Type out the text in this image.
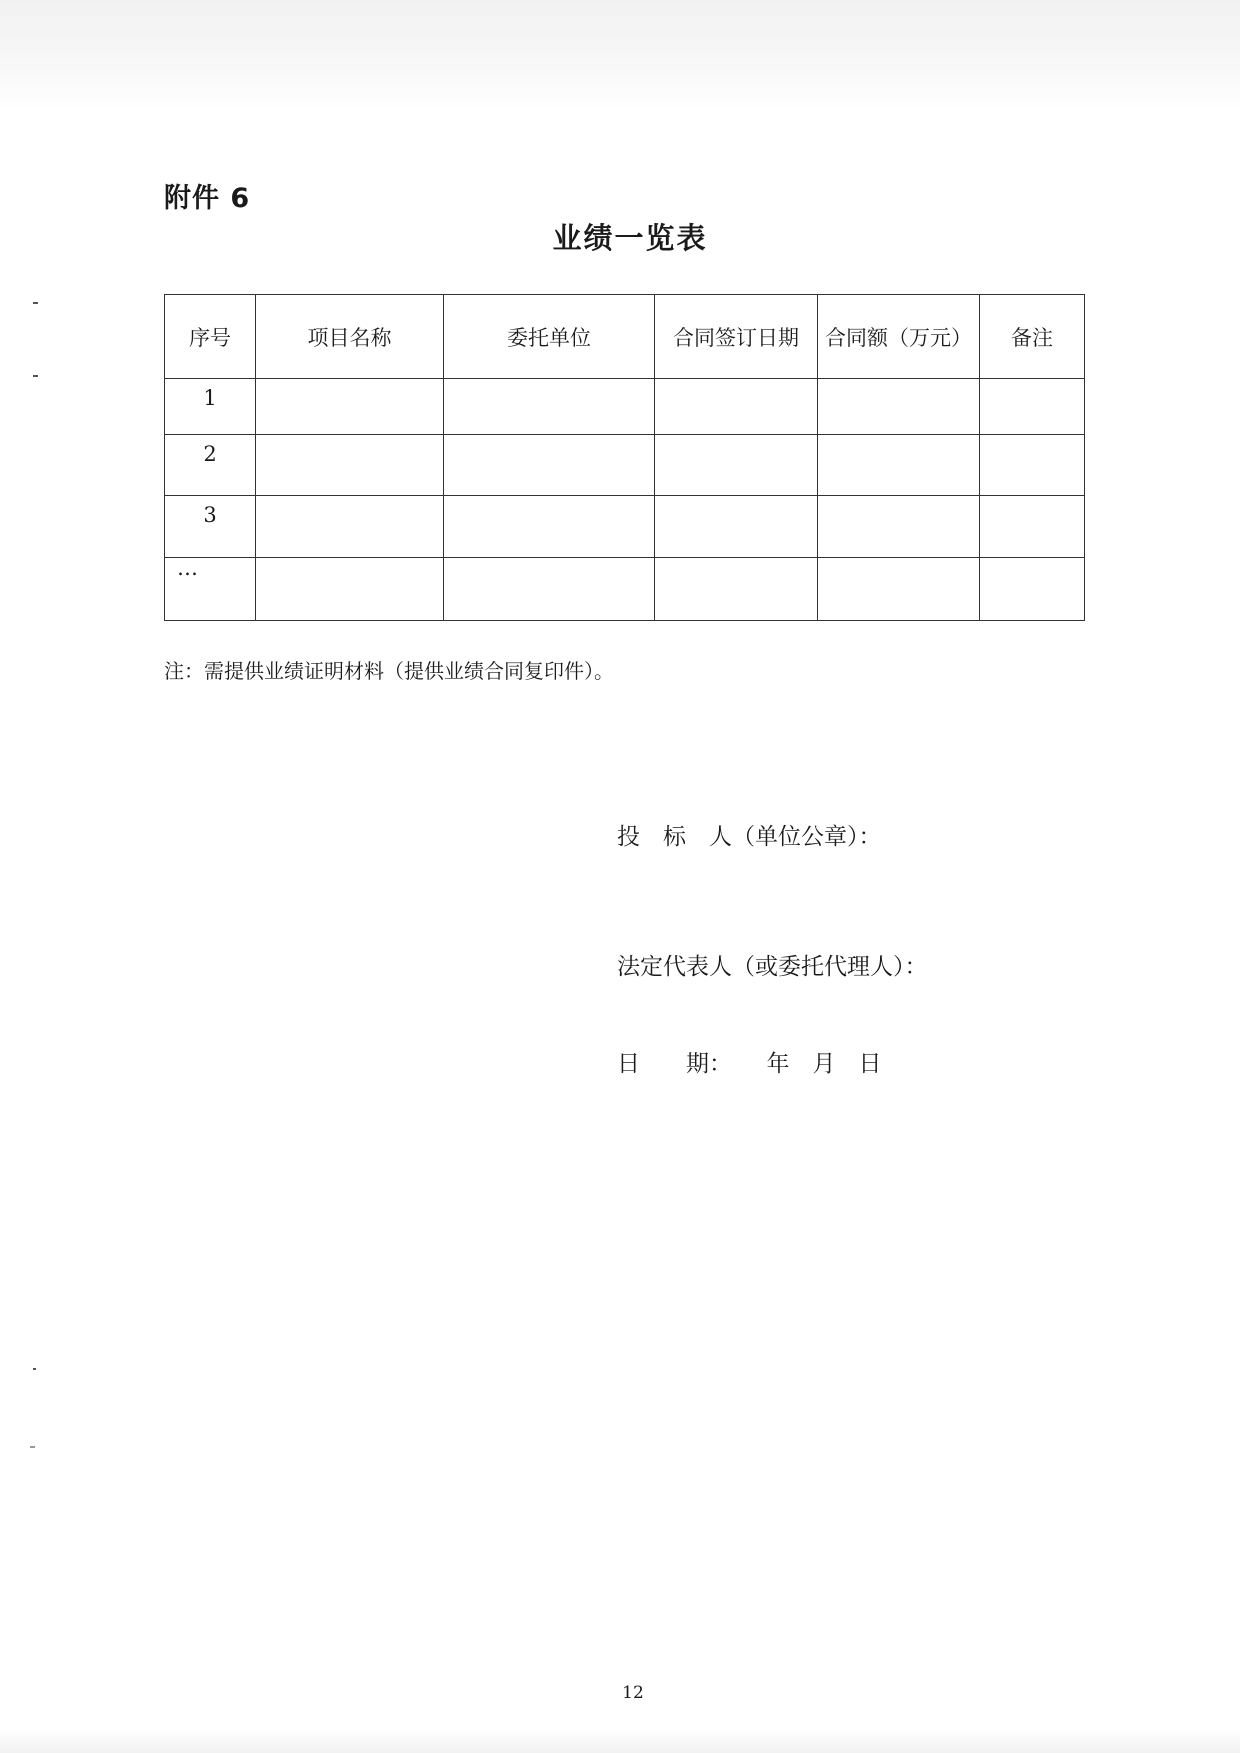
附件 6
业绩一览表
序号	项目名称	委托单位	合同签订日期	合同额（万元）	备注
1					
2					
3					
…					
注：需提供业绩证明材料（提供业绩合同复印件）。
投　标　人（单位公章）：
法定代表人（或委托代理人）：
日　　期：　　年　月　日
12
